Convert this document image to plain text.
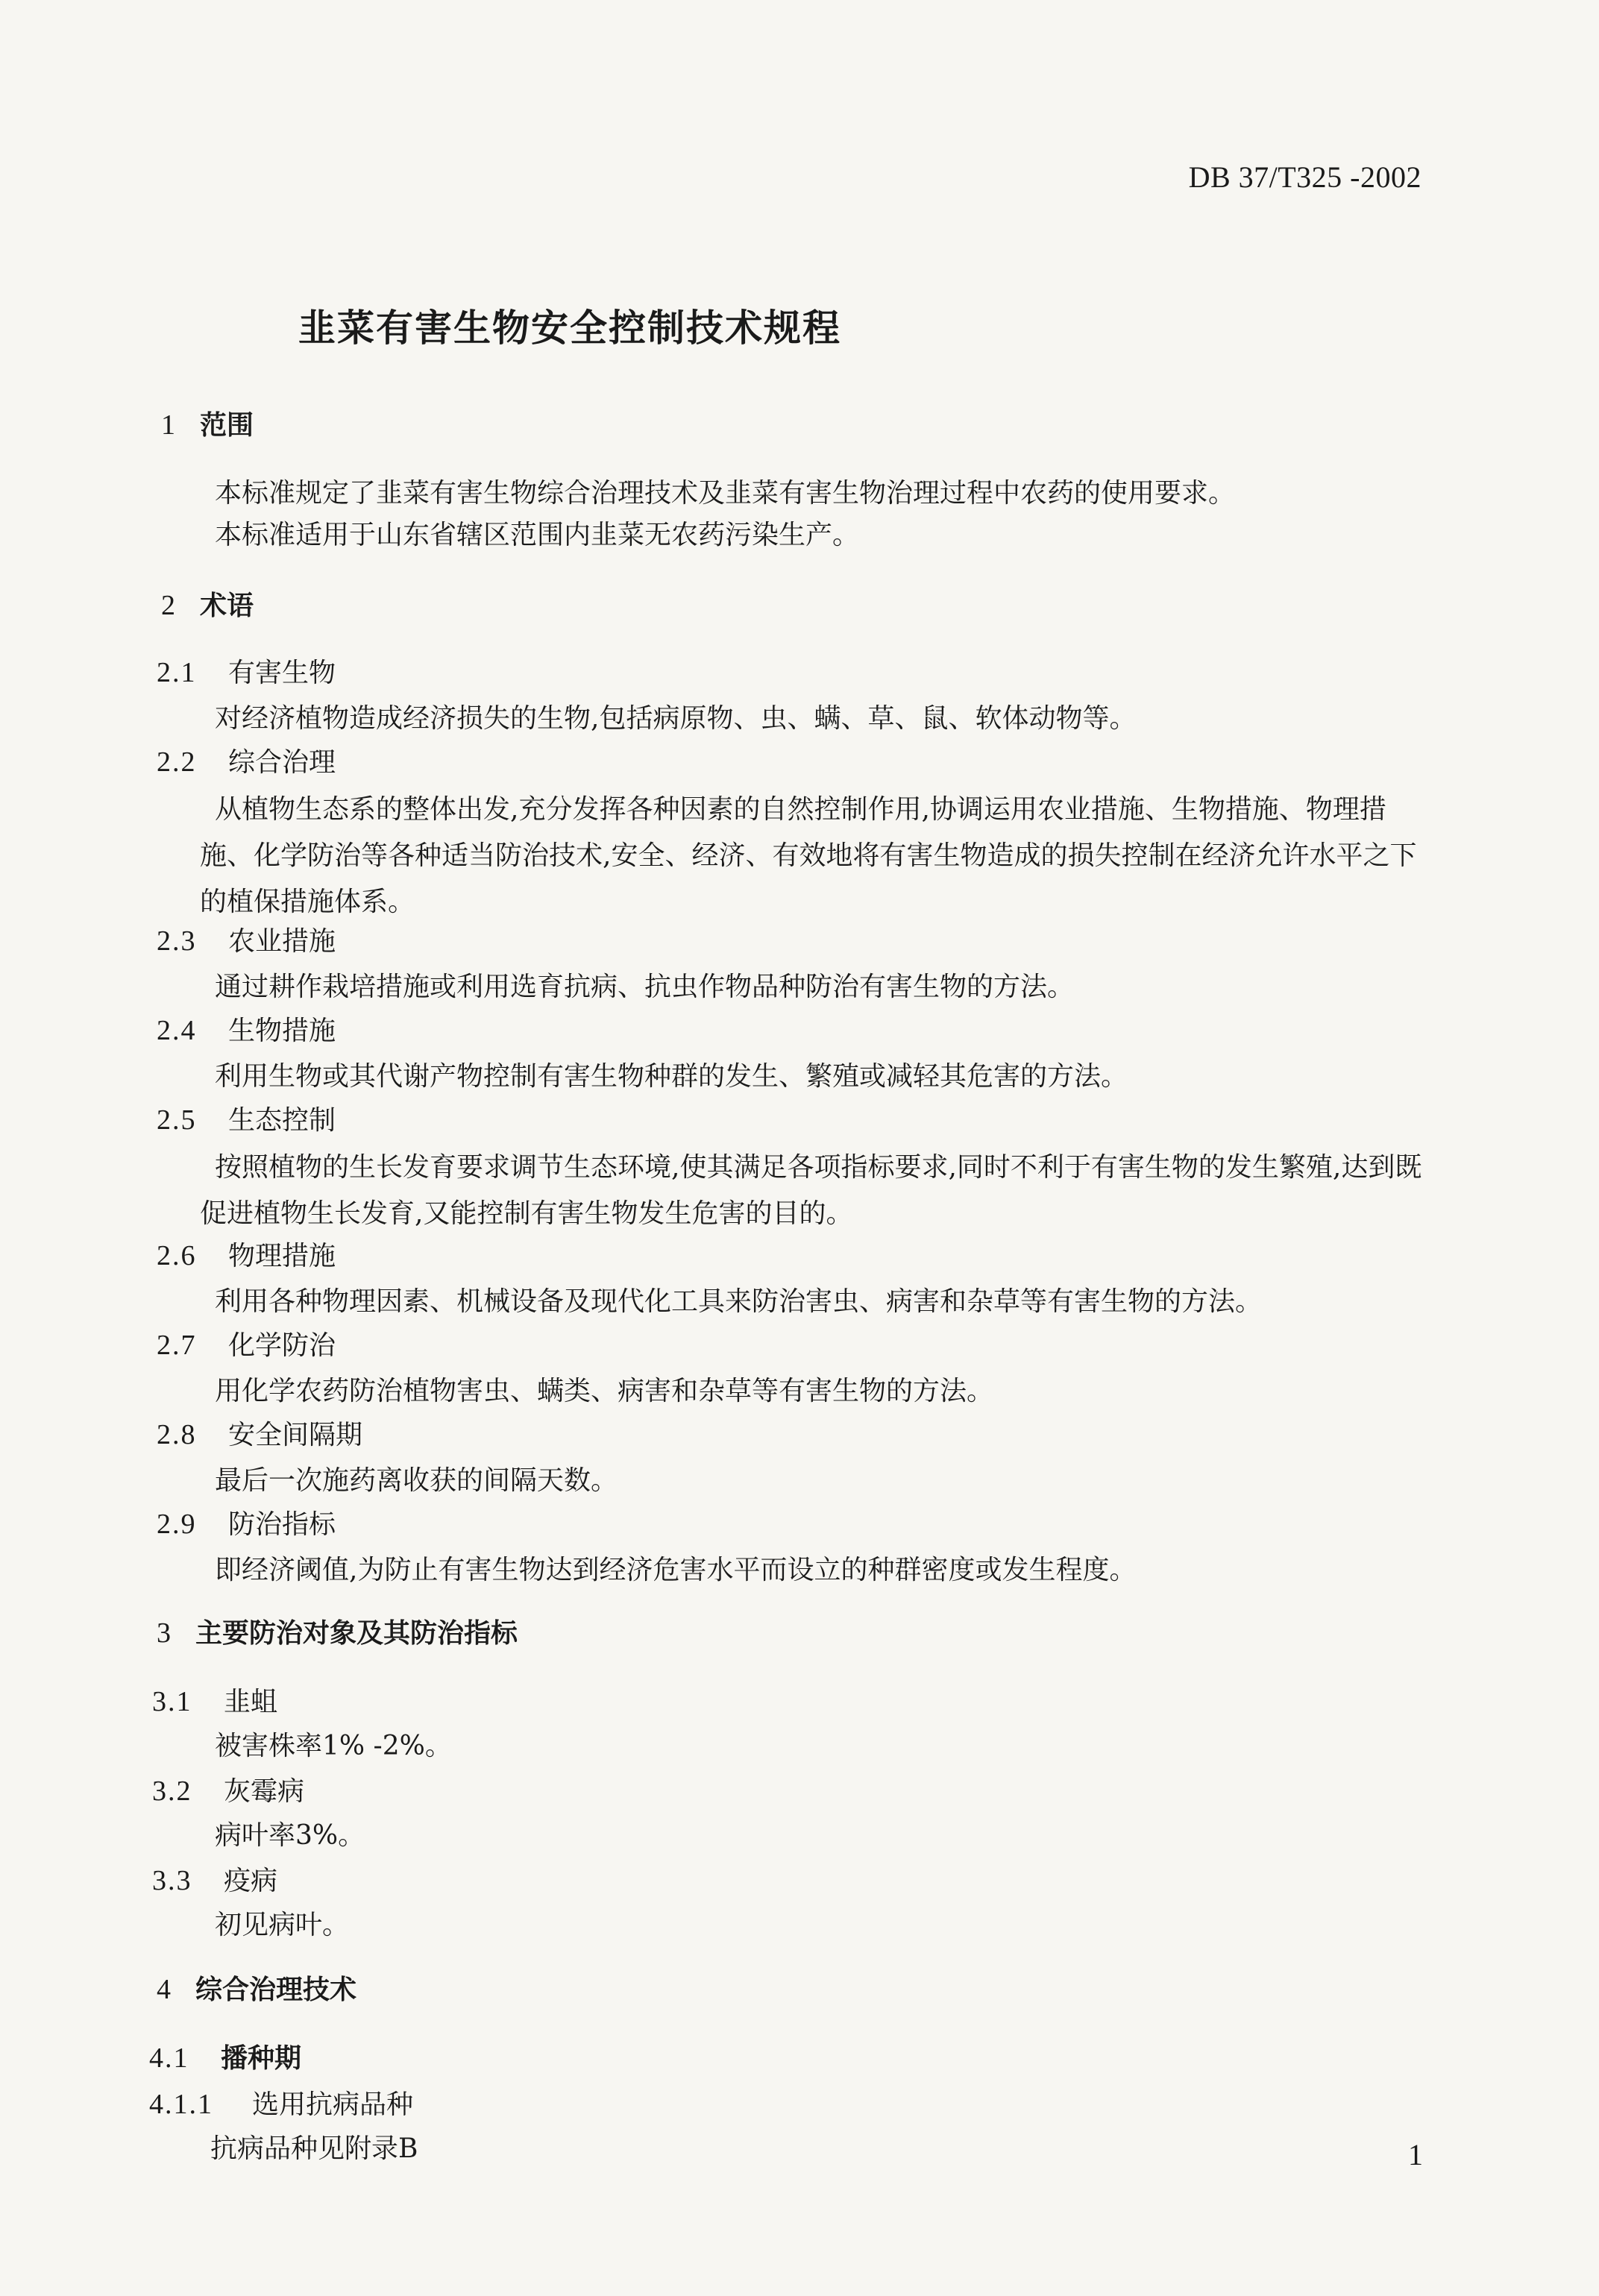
DB 37/T325 -2002
韭菜有害生物安全控制技术规程
1 范围
本标准规定了韭菜有害生物综合治理技术及韭菜有害生物治理过程中农药的使用要求。
本标准适用于山东省辖区范围内韭菜无农药污染生产。
2 术语
2.1 有害生物
对经济植物造成经济损失的生物,包括病原物、虫、螨、草、鼠、软体动物等。
2.2 综合治理
从植物生态系的整体出发,充分发挥各种因素的自然控制作用,协调运用农业措施、生物措施、物理措施、化学防治等各种适当防治技术,安全、经济、有效地将有害生物造成的损失控制在经济允许水平之下的植保措施体系。
2.3 农业措施
通过耕作栽培措施或利用选育抗病、抗虫作物品种防治有害生物的方法。
2.4 生物措施
利用生物或其代谢产物控制有害生物种群的发生、繁殖或减轻其危害的方法。
2.5 生态控制
按照植物的生长发育要求调节生态环境,使其满足各项指标要求,同时不利于有害生物的发生繁殖,达到既促进植物生长发育,又能控制有害生物发生危害的目的。
2.6 物理措施
利用各种物理因素、机械设备及现代化工具来防治害虫、病害和杂草等有害生物的方法。
2.7 化学防治
用化学农药防治植物害虫、螨类、病害和杂草等有害生物的方法。
2.8 安全间隔期
最后一次施药离收获的间隔天数。
2.9 防治指标
即经济阈值,为防止有害生物达到经济危害水平而设立的种群密度或发生程度。
3 主要防治对象及其防治指标
3.1 韭蛆
被害株率1% -2%。
3.2 灰霉病
病叶率3%。
3.3 疫病
初见病叶。
4 综合治理技术
4.1 播种期
4.1.1 选用抗病品种
抗病品种见附录B	1
